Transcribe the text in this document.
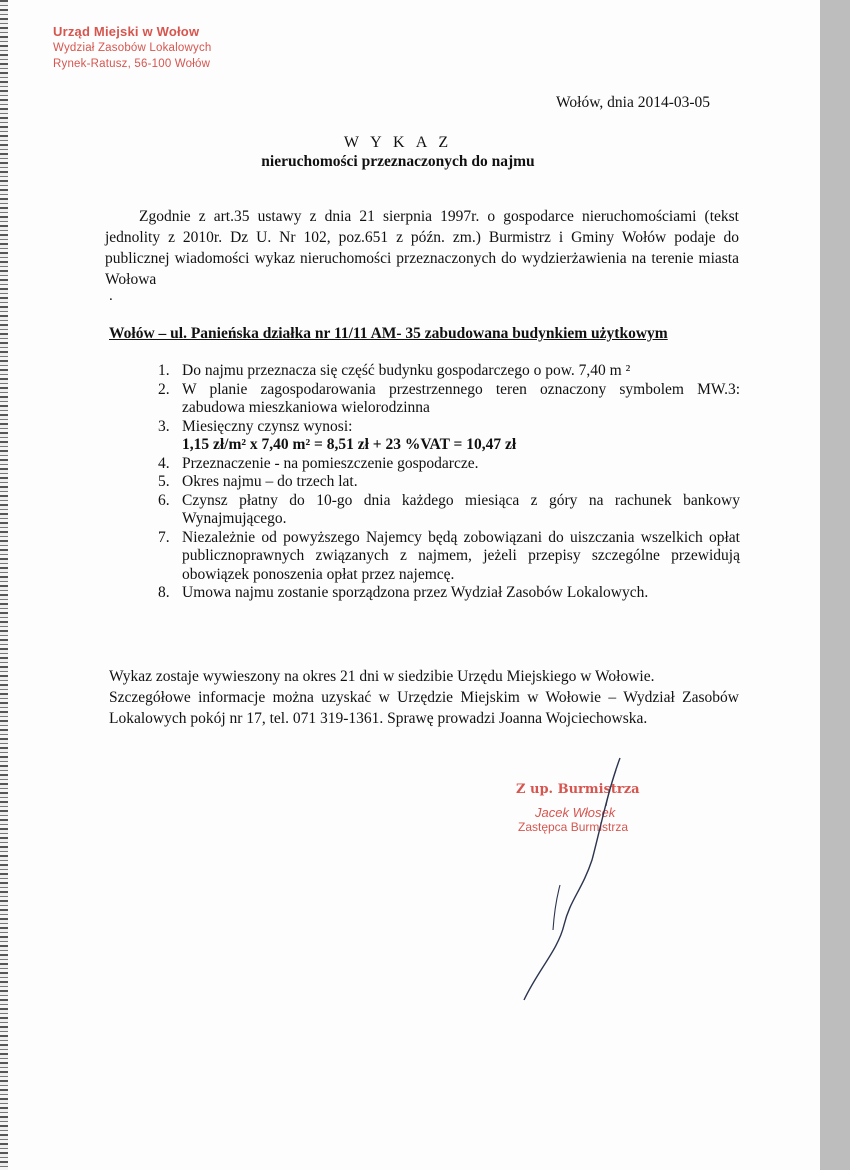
Urząd Miejski w Wołow
Wydział Zasobów Lokalowych
Rynek-Ratusz, 56-100 Wołów
Wołów, dnia 2014-03-05
W Y K A Z
nieruchomości przeznaczonych do najmu
Zgodnie z art.35 ustawy z dnia 21 sierpnia 1997r. o gospodarce nieruchomościami (tekst jednolity z 2010r. Dz U. Nr 102, poz.651 z późn. zm.) Burmistrz i Gminy Wołów podaje do publicznej wiadomości wykaz nieruchomości przeznaczonych do wydzierżawienia na terenie miasta Wołowa
.
Wołów – ul. Panieńska działka nr 11/11 AM- 35 zabudowana budynkiem użytkowym
1. Do najmu przeznacza się część budynku gospodarczego o pow. 7,40 m ²
2. W planie zagospodarowania przestrzennego teren oznaczony symbolem MW.3: zabudowa mieszkaniowa wielorodzinna
3. Miesięczny czynsz wynosi:
1,15 zł/m² x 7,40 m² = 8,51 zł + 23 %VAT = 10,47 zł
4. Przeznaczenie - na pomieszczenie gospodarcze.
5. Okres najmu – do trzech lat.
6. Czynsz płatny do 10-go dnia każdego miesiąca z góry na rachunek bankowy Wynajmującego.
7. Niezależnie od powyższego Najemcy będą zobowiązani do uiszczania wszelkich opłat publicznoprawnych związanych z najmem, jeżeli przepisy szczególne przewidują obowiązek ponoszenia opłat przez najemcę.
8. Umowa najmu zostanie sporządzona przez Wydział Zasobów Lokalowych.
Wykaz zostaje wywieszony na okres 21 dni w siedzibie Urzędu Miejskiego w Wołowie.
Szczegółowe informacje można uzyskać w Urzędzie Miejskim w Wołowie – Wydział Zasobów Lokalowych pokój nr 17, tel. 071 319-1361. Sprawę prowadzi Joanna Wojciechowska.
Z up. Burmistrza
Jacek Włosek
Zastępca Burmistrza
